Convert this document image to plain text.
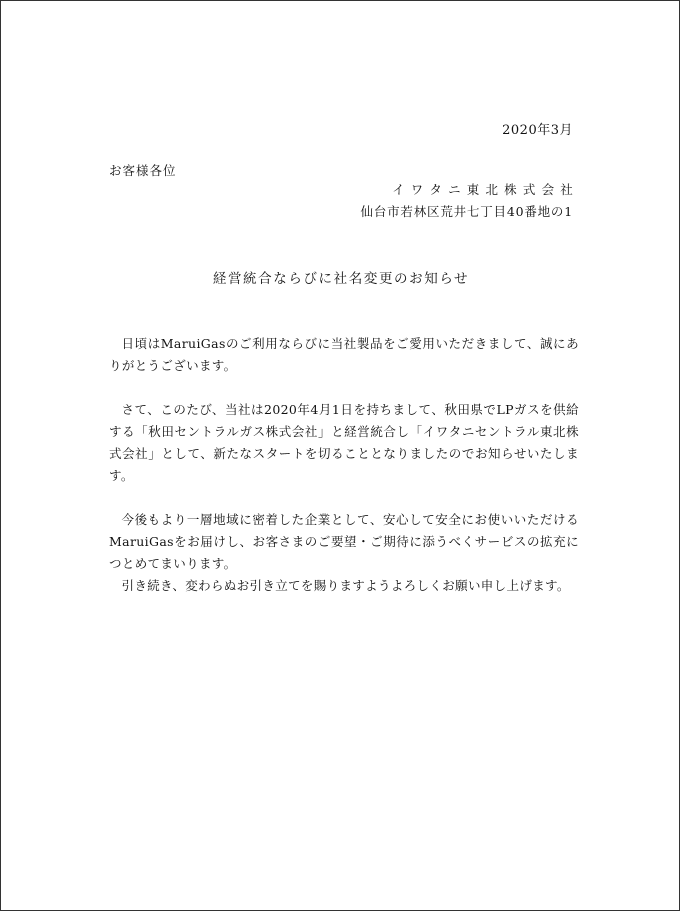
2020年3月
お客様各位
イワタニ東北株式会社
仙台市若林区荒井七丁目40番地の1
経営統合ならびに社名変更のお知らせ

日頃はMaruiGasのご利用ならびに当社製品をご愛用いただきまして、誠にありがとうございます。

さて、このたび、当社は2020年4月1日を持ちまして、秋田県でLPガスを供給する「秋田セントラルガス株式会社」と経営統合し「イワタニセントラル東北株式会社」として、新たなスタートを切ることとなりましたのでお知らせいたします。

今後もより一層地域に密着した企業として、安心して安全にお使いいただけるMaruiGasをお届けし、お客さまのご要望・ご期待に添うべくサービスの拡充につとめてまいります。

引き続き、変わらぬお引き立てを賜りますようよろしくお願い申し上げます。
